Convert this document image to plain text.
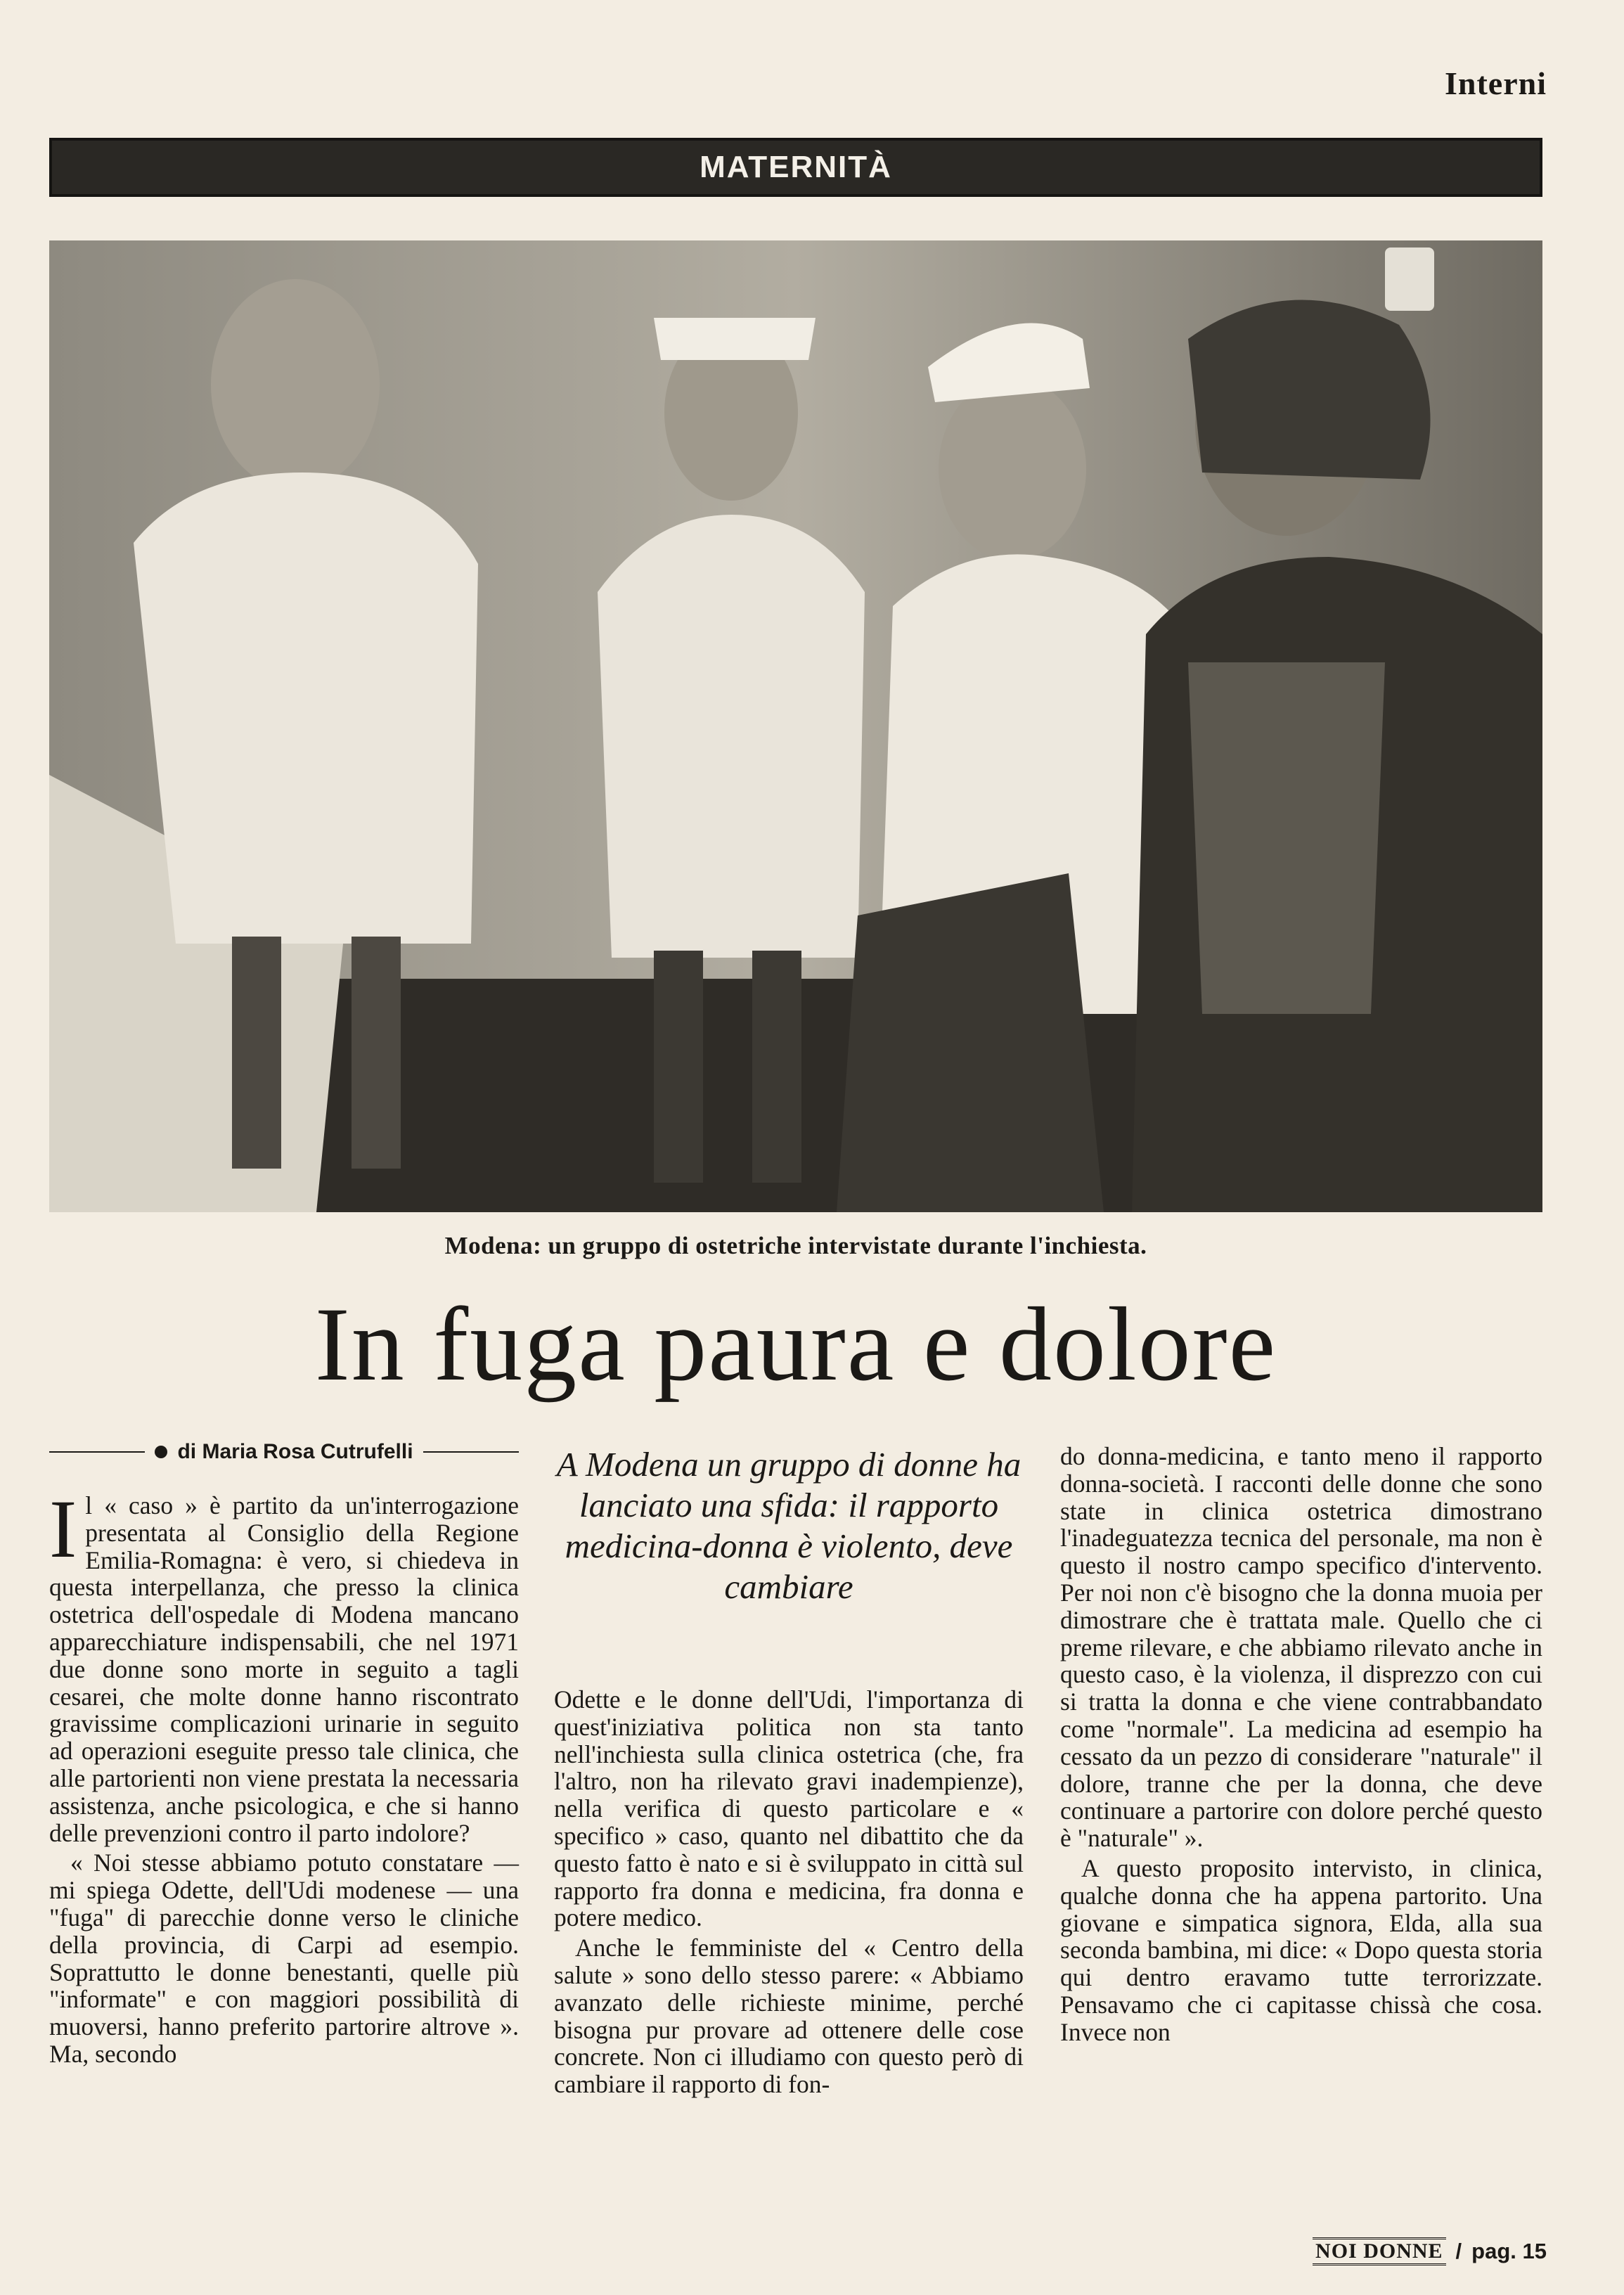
Interni
MATERNITÀ
Modena: un gruppo di ostetriche intervistate durante l'inchiesta.
In fuga paura e dolore
di Maria Rosa Cutrufelli

Il « caso » è partito da un'interrogazione presentata al Consiglio della Regione Emilia-Romagna: è vero, si chiedeva in questa interpellanza, che presso la clinica ostetrica dell'ospedale di Modena mancano apparecchiature indispensabili, che nel 1971 due donne sono morte in seguito a tagli cesarei, che molte donne hanno riscontrato gravissime complicazioni urinarie in seguito ad operazioni eseguite presso tale clinica, che alle partorienti non viene prestata la necessaria assistenza, anche psicologica, e che si hanno delle prevenzioni contro il parto indolore?

« Noi stesse abbiamo potuto constatare — mi spiega Odette, dell'Udi modenese — una "fuga" di parecchie donne verso le cliniche della provincia, di Carpi ad esempio. Soprattutto le donne benestanti, quelle più "informate" e con maggiori possibilità di muoversi, hanno preferito partorire altrove ». Ma, secondo

A Modena un gruppo di donne ha lanciato una sfida: il rapporto medicina-donna è violento, deve cambiare

Odette e le donne dell'Udi, l'importanza di quest'iniziativa politica non sta tanto nell'inchiesta sulla clinica ostetrica (che, fra l'altro, non ha rilevato gravi inadempienze), nella verifica di questo particolare e « specifico » caso, quanto nel dibattito che da questo fatto è nato e si è sviluppato in città sul rapporto fra donna e medicina, fra donna e potere medico.

Anche le femministe del « Centro della salute » sono dello stesso parere: « Abbiamo avanzato delle richieste minime, perché bisogna pur provare ad ottenere delle cose concrete. Non ci illudiamo con questo però di cambiare il rapporto di fon-

do donna-medicina, e tanto meno il rapporto donna-società. I racconti delle donne che sono state in clinica ostetrica dimostrano l'inadeguatezza tecnica del personale, ma non è questo il nostro campo specifico d'intervento. Per noi non c'è bisogno che la donna muoia per dimostrare che è trattata male. Quello che ci preme rilevare, e che abbiamo rilevato anche in questo caso, è la violenza, il disprezzo con cui si tratta la donna e che viene contrabbandato come "normale". La medicina ad esempio ha cessato da un pezzo di considerare "naturale" il dolore, tranne che per la donna, che deve continuare a partorire con dolore perché questo è "naturale" ».

A questo proposito intervisto, in clinica, qualche donna che ha appena partorito. Una giovane e simpatica signora, Elda, alla sua seconda bambina, mi dice: « Dopo questa storia qui dentro eravamo tutte terrorizzate. Pensavamo che ci capitasse chissà che cosa. Invece non

NOI DONNE / pag. 15
